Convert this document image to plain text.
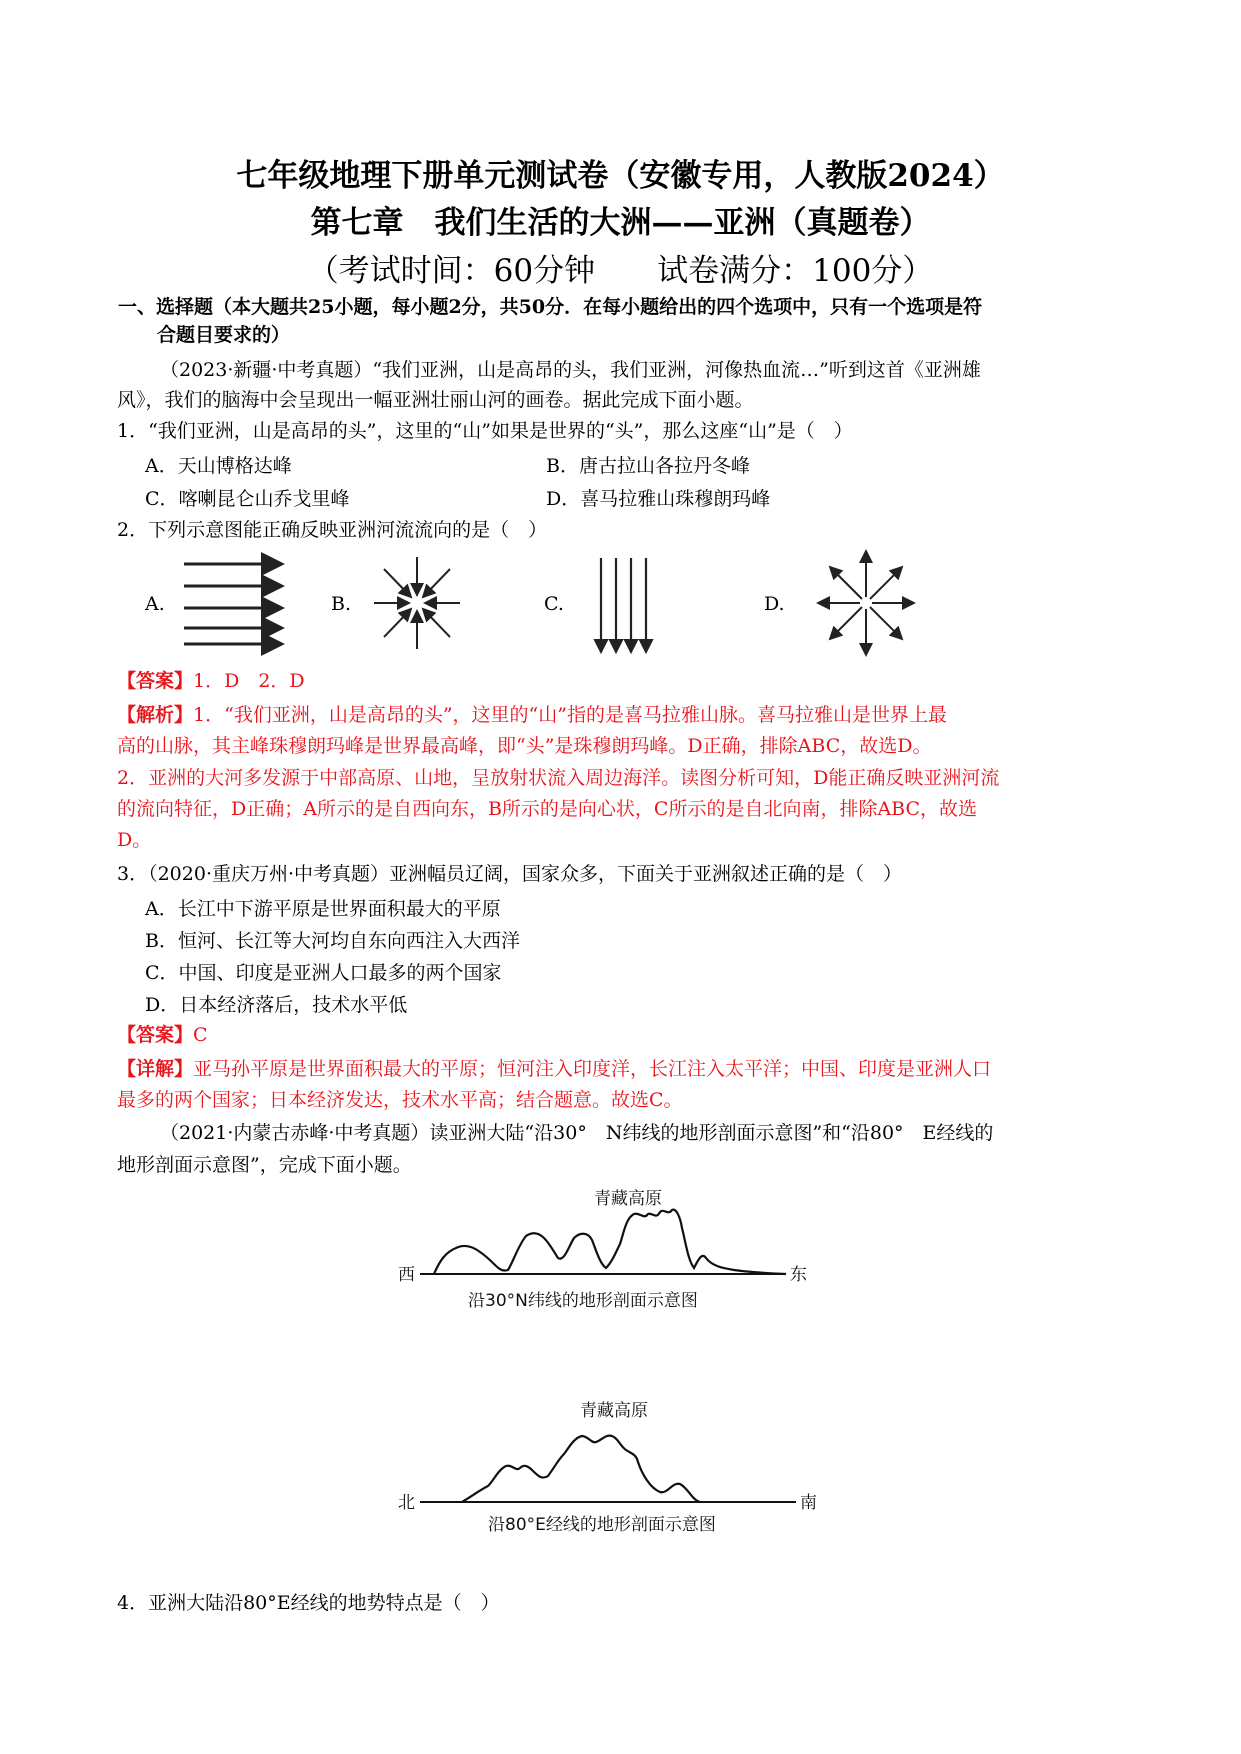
七年级地理下册单元测试卷（安徽专用，人教版2024）
第七章　我们生活的大洲——亚洲（真题卷）
（考试时间：60分钟　　试卷满分：100分）
一、选择题（本大题共25小题，每小题2分，共50分．在每小题给出的四个选项中，只有一个选项是符
合题目要求的）
（2023·新疆·中考真题）“我们亚洲，山是高昂的头，我们亚洲，河像热血流…”听到这首《亚洲雄
风》，我们的脑海中会呈现出一幅亚洲壮丽山河的画卷。据此完成下面小题。
1．“我们亚洲，山是高昂的头”，这里的“山”如果是世界的“头”，那么这座“山”是（　）
A．天山博格达峰	B．唐古拉山各拉丹冬峰
C．喀喇昆仑山乔戈里峰	D．喜马拉雅山珠穆朗玛峰
2．下列示意图能正确反映亚洲河流流向的是（　）
A.	B.	C.	D.
【答案】1．D　2．D
【解析】1．“我们亚洲，山是高昂的头”，这里的“山”指的是喜马拉雅山脉。喜马拉雅山是世界上最
高的山脉，其主峰珠穆朗玛峰是世界最高峰，即“头”是珠穆朗玛峰。D正确，排除ABC，故选D。
2．亚洲的大河多发源于中部高原、山地，呈放射状流入周边海洋。读图分析可知，D能正确反映亚洲河流
的流向特征，D正确；A所示的是自西向东，B所示的是向心状，C所示的是自北向南，排除ABC，故选
D。
3．（2020·重庆万州·中考真题）亚洲幅员辽阔，国家众多，下面关于亚洲叙述正确的是（　）
A．长江中下游平原是世界面积最大的平原
B．恒河、长江等大河均自东向西注入大西洋
C．中国、印度是亚洲人口最多的两个国家
D．日本经济落后，技术水平低
【答案】C
【详解】亚马孙平原是世界面积最大的平原；恒河注入印度洋，长江注入太平洋；中国、印度是亚洲人口
最多的两个国家；日本经济发达，技术水平高；结合题意。故选C。
（2021·内蒙古赤峰·中考真题）读亚洲大陆“沿30°　N纬线的地形剖面示意图”和“沿80°　E经线的
地形剖面示意图”，完成下面小题。
青藏高原
西	东
沿30°N纬线的地形剖面示意图
青藏高原
北	南
沿80°E经线的地形剖面示意图
4．亚洲大陆沿80°E经线的地势特点是（　）
